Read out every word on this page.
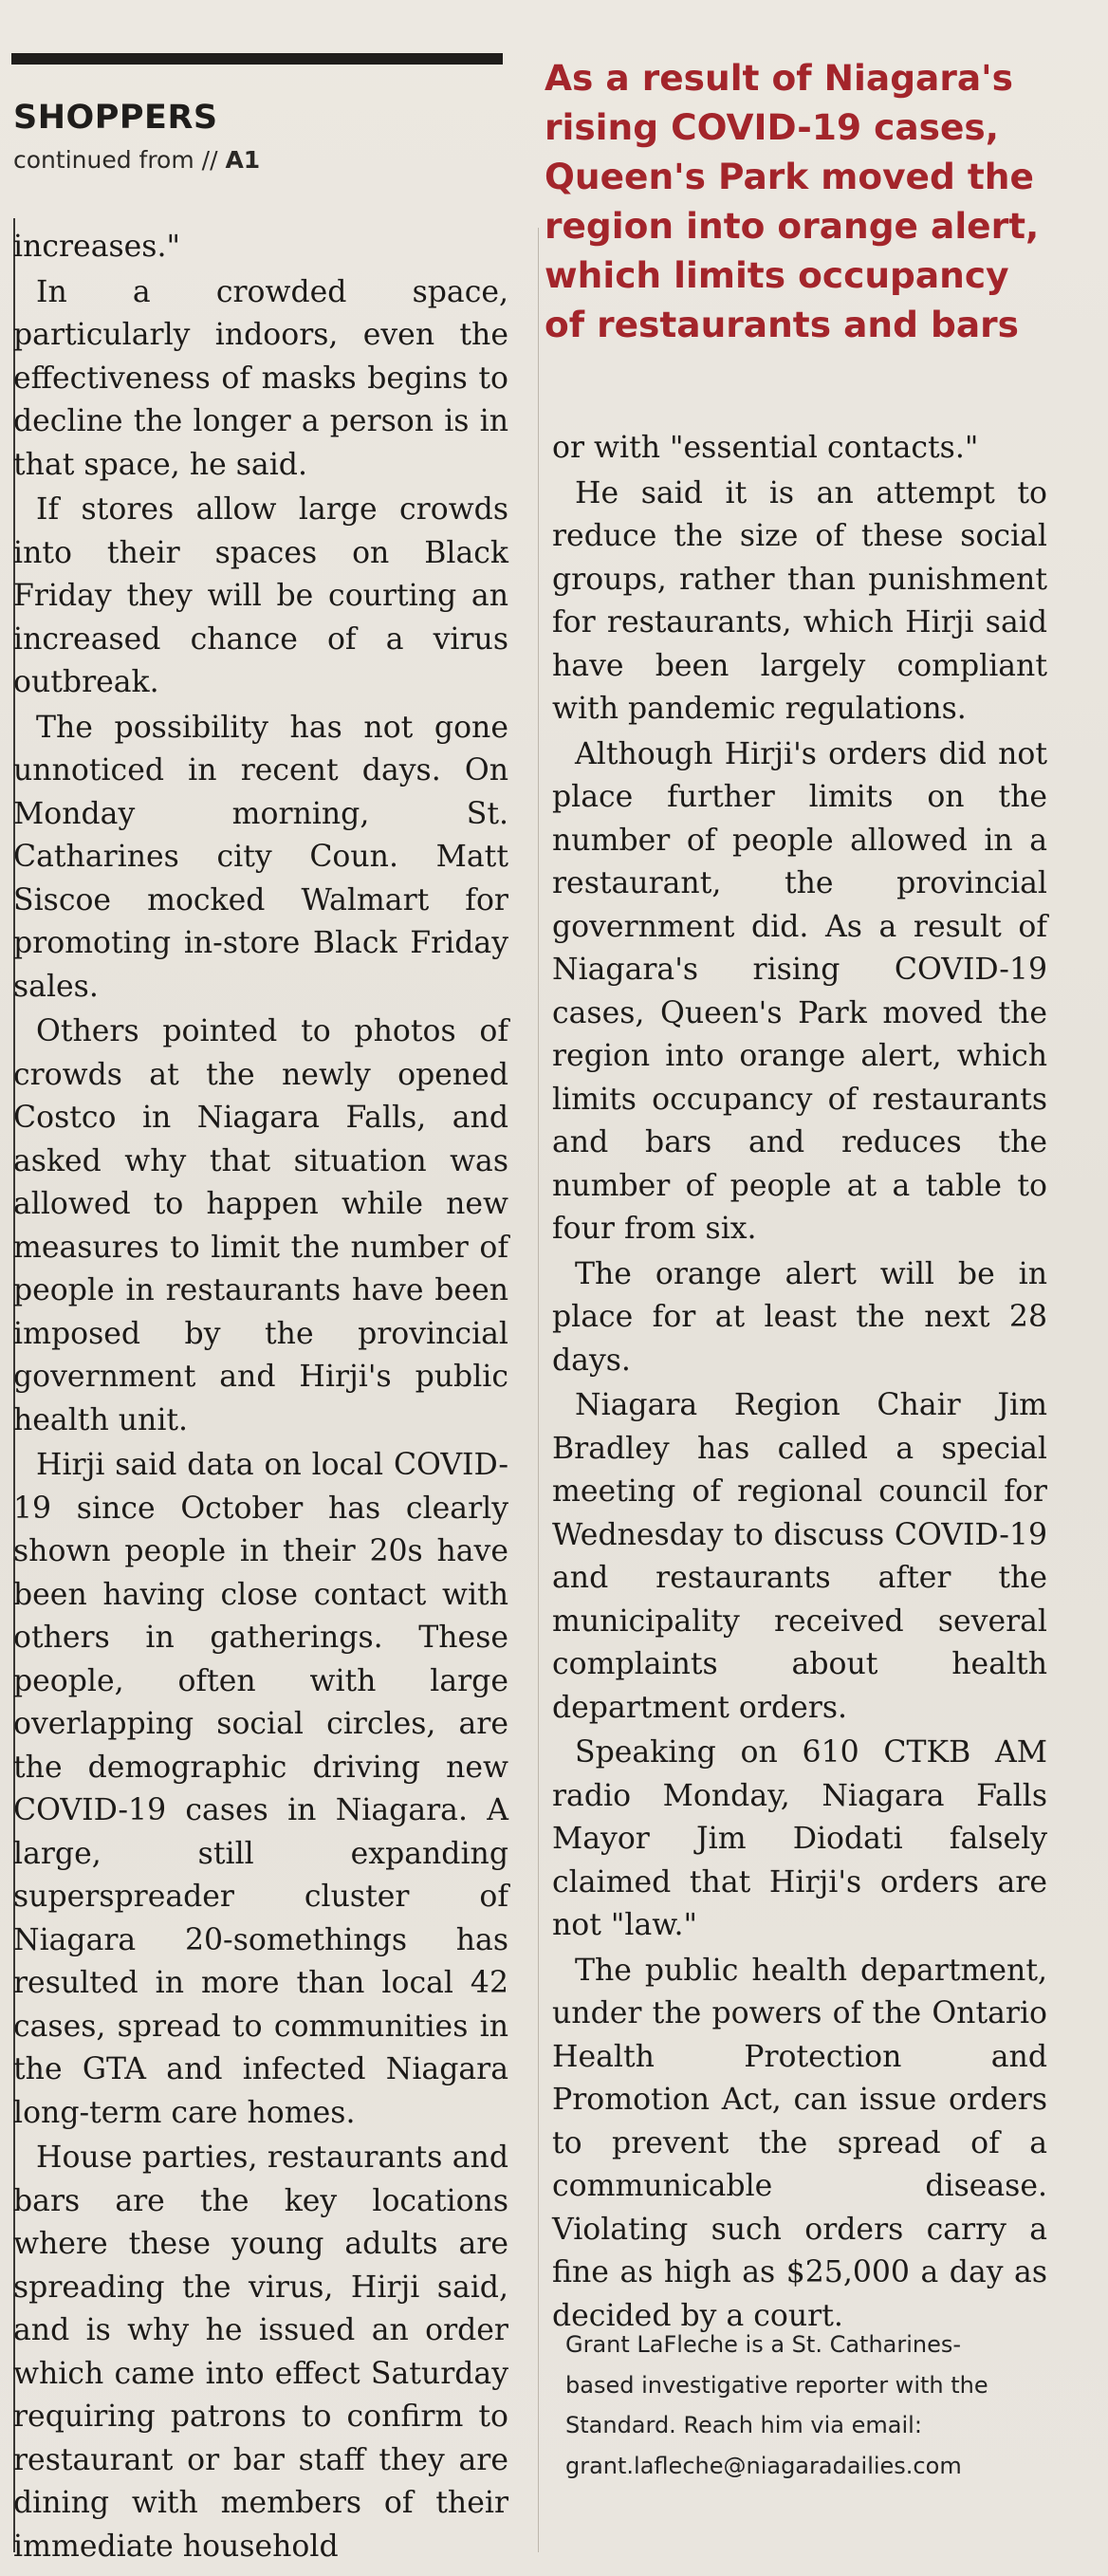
SHOPPERS
continued from // A1
As a result of Niagara's rising COVID-19 cases, Queen's Park moved the region into orange alert, which limits occupancy of restaurants and bars

increases."

In a crowded space, particularly indoors, even the effectiveness of masks begins to decline the longer a person is in that space, he said.

If stores allow large crowds into their spaces on Black Friday they will be courting an increased chance of a virus outbreak.

The possibility has not gone unnoticed in recent days. On Monday morning, St. Catharines city Coun. Matt Siscoe mocked Walmart for promoting in-store Black Friday sales.

Others pointed to photos of crowds at the newly opened Costco in Niagara Falls, and asked why that situation was allowed to happen while new measures to limit the number of people in restaurants have been imposed by the provincial government and Hirji's public health unit.

Hirji said data on local COVID-19 since October has clearly shown people in their 20s have been having close contact with others in gatherings. These people, often with large overlapping social circles, are the demographic driving new COVID-19 cases in Niagara. A large, still expanding superspreader cluster of Niagara 20-somethings has resulted in more than local 42 cases, spread to communities in the GTA and infected Niagara long-term care homes.

House parties, restaurants and bars are the key locations where these young adults are spreading the virus, Hirji said, and is why he issued an order which came into effect Saturday requiring patrons to confirm to restaurant or bar staff they are dining with members of their immediate household

or with "essential contacts."

He said it is an attempt to reduce the size of these social groups, rather than punishment for restaurants, which Hirji said have been largely compliant with pandemic regulations.

Although Hirji's orders did not place further limits on the number of people allowed in a restaurant, the provincial government did. As a result of Niagara's rising COVID-19 cases, Queen's Park moved the region into orange alert, which limits occupancy of restaurants and bars and reduces the number of people at a table to four from six.

The orange alert will be in place for at least the next 28 days.

Niagara Region Chair Jim Bradley has called a special meeting of regional council for Wednesday to discuss COVID-19 and restaurants after the municipality received several complaints about health department orders.

Speaking on 610 CTKB AM radio Monday, Niagara Falls Mayor Jim Diodati falsely claimed that Hirji's orders are not "law."

The public health department, under the powers of the Ontario Health Protection and Promotion Act, can issue orders to prevent the spread of a communicable disease. Violating such orders carry a fine as high as $25,000 a day as decided by a court.

Grant LaFleche is a St. Catharines-
based investigative reporter with the
Standard. Reach him via email:
grant.lafleche@niagaradailies.com
